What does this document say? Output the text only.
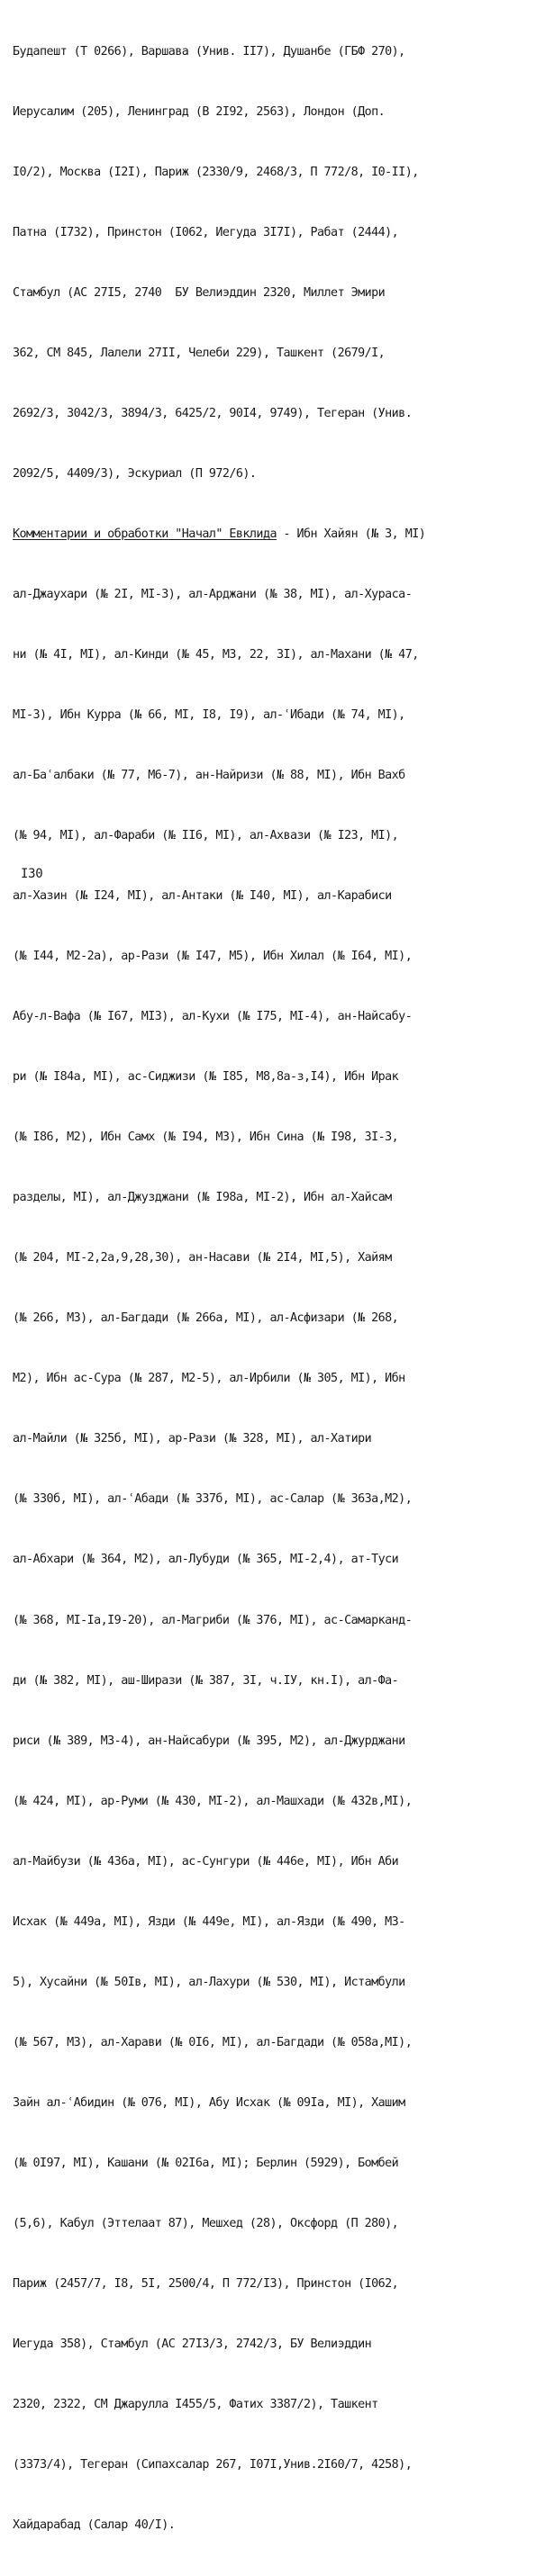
Будапешт (Т 0266), Варшава (Унив. II7), Душанбе (ГБФ 270),

Иерусалим (205), Ленинград (В 2I92, 2563), Лондон (Доп.

I0/2), Москва (I2I), Париж (2330/9, 2468/3, П 772/8, I0-II),

Патна (I732), Принстон (I062, Иегуда 3I7I), Рабат (2444),

Стамбул (АС 27I5, 2740  БУ Велиэддин 2320, Миллет Эмири

362, СМ 845, Лалели 27II, Челеби 229), Ташкент (2679/I,

2692/3, 3042/3, 3894/3, 6425/2, 90I4, 9749), Тегеран (Унив.

2092/5, 4409/3), Эскуриал (П 972/6).

Комментарии и обработки "Начал" Евклида - Ибн Хайян (№ 3, MI)

ал-Джаухари (№ 2I, MI-3), ал-Арджани (№ 38, MI), ал-Хураса-

ни (№ 4I, MI), ал-Кинди (№ 45, М3, 22, 3I), ал-Махани (№ 47,

MI-3), Ибн Курра (№ 66, MI, I8, I9), ал-ʿИбади (№ 74, MI),

ал-Баʿалбаки (№ 77, М6-7), ан-Найризи (№ 88, MI), Ибн Вахб

(№ 94, MI), ал-Фараби (№ II6, MI), ал-Ахвази (№ I23, MI),

ал-Хазин (№ I24, MI), ал-Антаки (№ I40, MI), ал-Карабиси

(№ I44, М2-2а), ар-Рази (№ I47, М5), Ибн Хилал (№ I64, MI),

Абу-л-Вафа (№ I67, MI3), ал-Кухи (№ I75, MI-4), ан-Найсабу-

ри (№ I84а, MI), ас-Сиджизи (№ I85, M8,8а-з,I4), Ибн Ирак

(№ I86, M2), Ибн Самх (№ I94, М3), Ибн Сина (№ I98, 3I-3,

разделы, MI), ал-Джузджани (№ I98а, MI-2), Ибн ал-Хайсам

(№ 204, MI-2,2а,9,28,30), ан-Насави (№ 2I4, MI,5), Хайям

(№ 266, М3), ал-Багдади (№ 266а, MI), ал-Асфизари (№ 268,

M2), Ибн ас-Сура (№ 287, М2-5), ал-Ирбили (№ 305, MI), Ибн

ал-Майли (№ 325б, MI), ар-Рази (№ 328, MI), ал-Хатири

(№ 330б, MI), ал-ʿАбади (№ 337б, MI), ас-Салар (№ 363а,M2),

ал-Абхари (№ 364, М2), ал-Лубуди (№ 365, MI-2,4), ат-Туси

(№ 368, MI-Iа,I9-20), ал-Магриби (№ 376, MI), ас-Самарканд-

ди (№ 382, MI), аш-Ширази (№ 387, 3I, ч.IУ, кн.I), ал-Фа-

риси (№ 389, М3-4), ан-Найсабури (№ 395, M2), ал-Джурджани

(№ 424, MI), ар-Руми (№ 430, MI-2), ал-Машхади (№ 432в,MI),

ал-Майбузи (№ 436а, MI), ас-Сунгури (№ 446е, MI), Ибн Аби

Исхак (№ 449а, MI), Язди (№ 449е, MI), ал-Язди (№ 490, М3-

5), Хусайни (№ 50Iв, MI), ал-Лахури (№ 530, MI), Истамбули

(№ 567, М3), ал-Харави (№ 0I6, MI), ал-Багдади (№ 058а,MI),

Зайн ал-ʿАбидин (№ 076, MI), Абу Исхак (№ 09Iа, MI), Хашим

(№ 0I97, MI), Кашани (№ 02I6а, MI); Берлин (5929), Бомбей

(5,6), Кабул (Эттелаат 87), Мешхед (28), Оксфорд (П 280),

Париж (2457/7, I8, 5I, 2500/4, П 772/I3), Принстон (I062,

Иегуда 358), Стамбул (АС 27I3/3, 2742/3, БУ Велиэддин

2320, 2322, СМ Джарулла I455/5, Фатих 3387/2), Ташкент

(3373/4), Тегеран (Сипахсалар 267, I07I,Унив.2I60/7, 4258),

Хайдарабад (Салар 40/I).

I30
